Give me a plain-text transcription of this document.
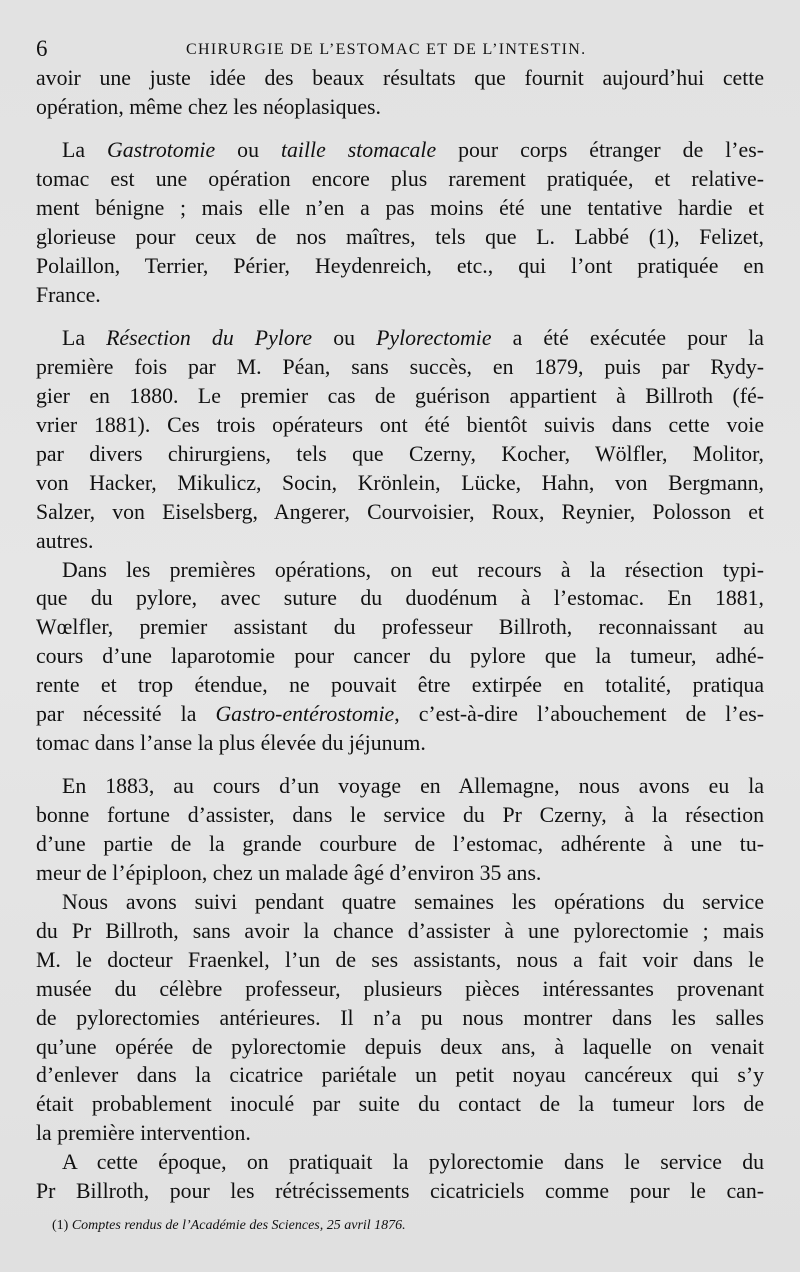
6	CHIRURGIE DE L’ESTOMAC ET DE L’INTESTIN.

avoir une juste idée des beaux résultats que fournit aujourd’hui cette
opération, même chez les néoplasiques.

La Gastrotomie ou taille stomacale pour corps étranger de l’es-
tomac est une opération encore plus rarement pratiquée, et relative-
ment bénigne ; mais elle n’en a pas moins été une tentative hardie et
glorieuse pour ceux de nos maîtres, tels que L. Labbé (1), Felizet,
Polaillon, Terrier, Périer, Heydenreich, etc., qui l’ont pratiquée en
France.

La Résection du Pylore ou Pylorectomie a été exécutée pour la
première fois par M. Péan, sans succès, en 1879, puis par Rydy-
gier en 1880. Le premier cas de guérison appartient à Billroth (fé-
vrier 1881). Ces trois opérateurs ont été bientôt suivis dans cette voie
par divers chirurgiens, tels que Czerny, Kocher, Wölfler, Molitor,
von Hacker, Mikulicz, Socin, Krönlein, Lücke, Hahn, von Bergmann,
Salzer, von Eiselsberg, Angerer, Courvoisier, Roux, Reynier, Polosson et
autres.

Dans les premières opérations, on eut recours à la résection typi-
que du pylore, avec suture du duodénum à l’estomac. En 1881,
Wœlfler, premier assistant du professeur Billroth, reconnaissant au
cours d’une laparotomie pour cancer du pylore que la tumeur, adhé-
rente et trop étendue, ne pouvait être extirpée en totalité, pratiqua
par nécessité la Gastro-entérostomie, c’est-à-dire l’abouchement de l’es-
tomac dans l’anse la plus élevée du jéjunum.

En 1883, au cours d’un voyage en Allemagne, nous avons eu la
bonne fortune d’assister, dans le service du Pr Czerny, à la résection
d’une partie de la grande courbure de l’estomac, adhérente à une tu-
meur de l’épiploon, chez un malade âgé d’environ 35 ans.

Nous avons suivi pendant quatre semaines les opérations du service
du Pr Billroth, sans avoir la chance d’assister à une pylorectomie ; mais
M. le docteur Fraenkel, l’un de ses assistants, nous a fait voir dans le
musée du célèbre professeur, plusieurs pièces intéressantes provenant
de pylorectomies antérieures. Il n’a pu nous montrer dans les salles
qu’une opérée de pylorectomie depuis deux ans, à laquelle on venait
d’enlever dans la cicatrice pariétale un petit noyau cancéreux qui s’y
était probablement inoculé par suite du contact de la tumeur lors de
la première intervention.

A cette époque, on pratiquait la pylorectomie dans le service du
Pr Billroth, pour les rétrécissements cicatriciels comme pour le can-

(1) Comptes rendus de l’Académie des Sciences, 25 avril 1876.
